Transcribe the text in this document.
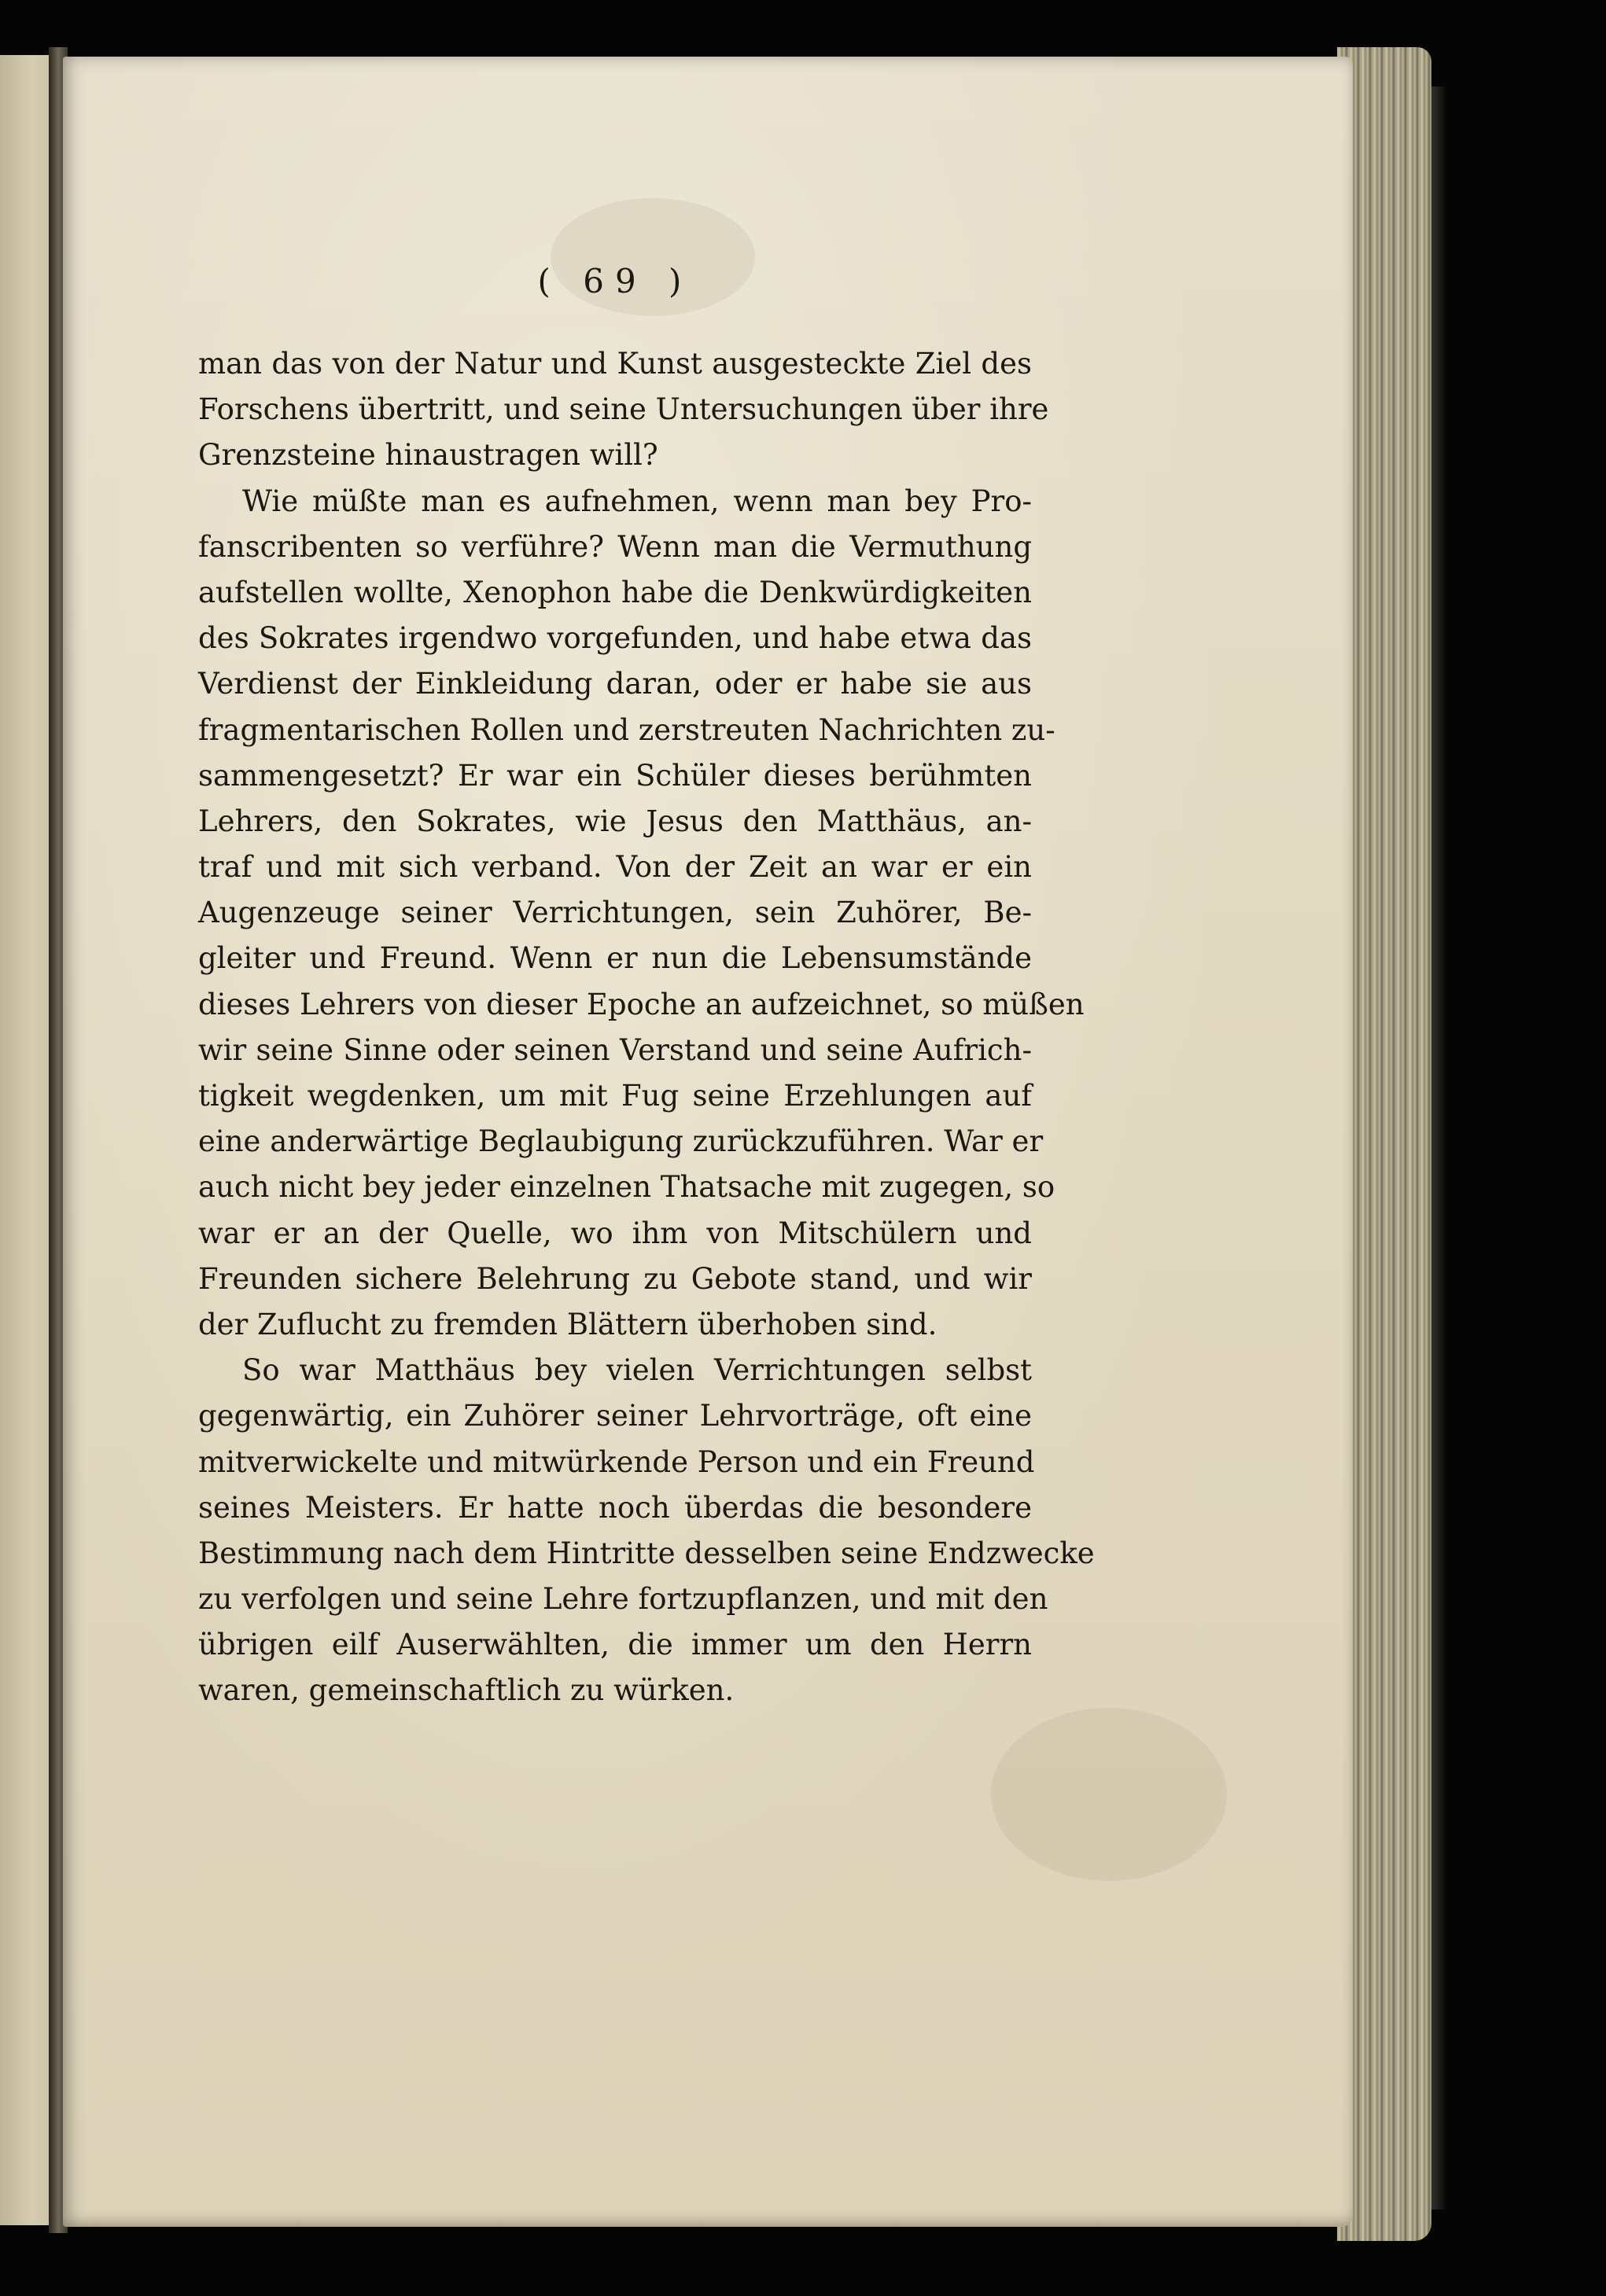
( 69 )
man das von der Natur und Kunst ausgesteckte Ziel des
Forschens übertritt, und seine Untersuchungen über ihre
Grenzsteine hinaustragen will?
Wie müßte man es aufnehmen, wenn man bey Pro-
fanscribenten so verführe? Wenn man die Vermuthung
aufstellen wollte, Xenophon habe die Denkwürdigkeiten
des Sokrates irgendwo vorgefunden, und habe etwa das
Verdienst der Einkleidung daran, oder er habe sie aus
fragmentarischen Rollen und zerstreuten Nachrichten zu-
sammengesetzt? Er war ein Schüler dieses berühmten
Lehrers, den Sokrates, wie Jesus den Matthäus, an-
traf und mit sich verband. Von der Zeit an war er ein
Augenzeuge seiner Verrichtungen, sein Zuhörer, Be-
gleiter und Freund. Wenn er nun die Lebensumstände
dieses Lehrers von dieser Epoche an aufzeichnet, so müßen
wir seine Sinne oder seinen Verstand und seine Aufrich-
tigkeit wegdenken, um mit Fug seine Erzehlungen auf
eine anderwärtige Beglaubigung zurückzuführen. War er
auch nicht bey jeder einzelnen Thatsache mit zugegen, so
war er an der Quelle, wo ihm von Mitschülern und
Freunden sichere Belehrung zu Gebote stand, und wir
der Zuflucht zu fremden Blättern überhoben sind.
So war Matthäus bey vielen Verrichtungen selbst
gegenwärtig, ein Zuhörer seiner Lehrvorträge, oft eine
mitverwickelte und mitwürkende Person und ein Freund
seines Meisters. Er hatte noch überdas die besondere
Bestimmung nach dem Hintritte desselben seine Endzwecke
zu verfolgen und seine Lehre fortzupflanzen, und mit den
übrigen eilf Auserwählten, die immer um den Herrn
waren, gemeinschaftlich zu würken.
